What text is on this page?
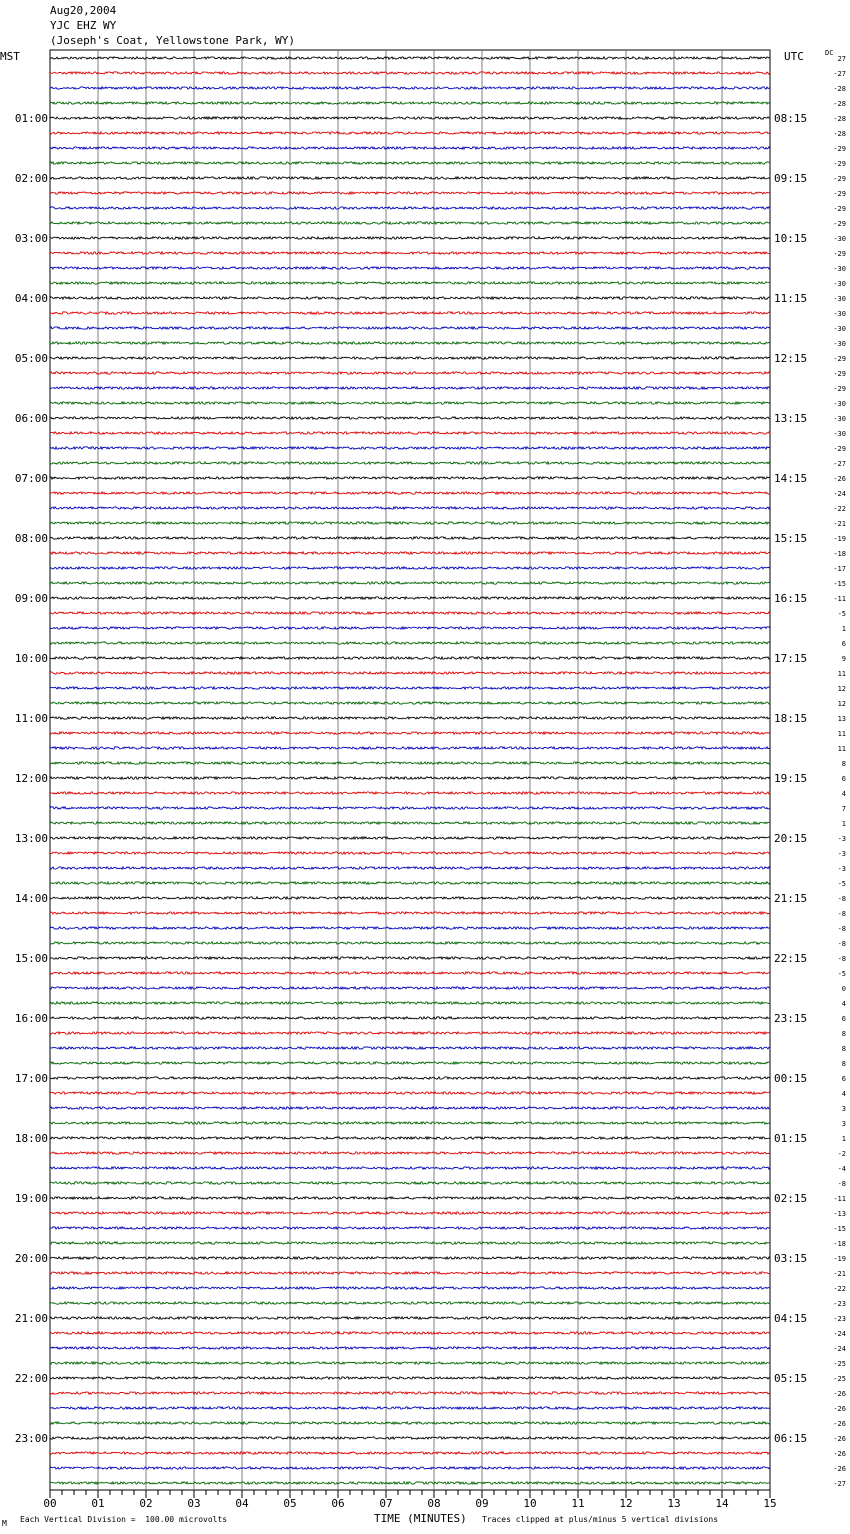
Aug20,2004
YJC EHZ WY
(Joseph's Coat, Yellowstone Park, WY)
MST	UTC	DC
27
-27
-28
-28
-28
-28
-29
-29
-29
-29
-29
-29
-30
-29
-30
-30
-30
-30
-30
-30
-29
-29
-29
-30
-30
-30
-29
-27
-26
-24
-22
-21
-19
-18
-17
-15
-11
-5
1
6
9
11
12
12
13
11
11
8
6
4
7
1
-3
-3
-3
-5
-8
-8
-8
-8
-8
-5
0
4
6
8
8
8
6
4
3
3
1
-2
-4
-8
-11
-13
-15
-18
-19
-21
-22
-23
-23
-24
-24
-25
-25
-26
-26
-26
-26
-26
-26
-27
01:00
02:00
03:00
04:00
05:00
06:00
07:00
08:00
09:00
10:00
11:00
12:00
13:00
14:00
15:00
16:00
17:00
18:00
19:00
20:00
21:00
22:00
23:00
08:15
09:15
10:15
11:15
12:15
13:15
14:15
15:15
16:15
17:15
18:15
19:15
20:15
21:15
22:15
23:15
00:15
01:15
02:15
03:15
04:15
05:15
06:15
00	01	02	03	04	05	06	07	08	09	10	11	12	13	14	15
M Each Vertical Division =  100.00 microvolts	TIME (MINUTES) Traces clipped at plus/minus 5 vertical divisions
